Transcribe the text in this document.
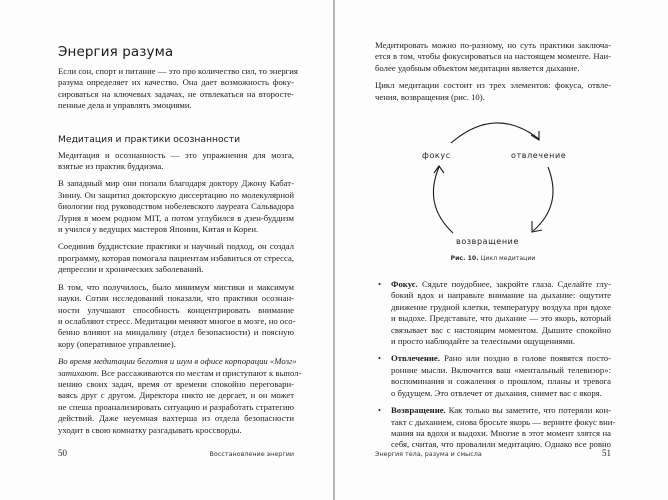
Энергия разума

Если сон, спорт и питание — это про количество сил, то энергия
разума определяет их качество. Она дает возможность фоку-
сироваться на ключевых задачах, не отвлекаться на второсте-
пенные дела и управлять эмоциями.

Медитация и практики осознанности

Медитация и осознанность — это упражнения для мозга,
взятые из практик буддизма.

В западный мир они попали благодаря доктору Джону Кабат-
Зинну. Он защитил докторскую диссертацию по молекулярной
биологии под руководством нобелевского лауреата Сальвадора
Лурия в моем родном МIТ, а потом углубился в дзен-буддизм
и учился у ведущих мастеров Японии, Китая и Кореи.

Соединив буддистские практики и научный подход, он создал
программу, которая помогала пациентам избавиться от стресса,
депрессии и хронических заболеваний.

В том, что получилось, было минимум мистики и максимум
науки. Сотни исследований показали, что практики осознан-
ности улучшают способность концентрировать внимание
и ослабляют стресс. Медитации меняют многое в мозге, но осо-
бенно влияют на миндалину (отдел безопасности) и поясную
кору (оперативное управление).

Во время медитации беготня и шум в офисе корпорации «Мозг»
затихают. Все рассаживаются по местам и приступают к выпол-
нению своих задач, время от времени спокойно переговари-
ваясь друг с другом. Директора никто не дергает, и он может
не спеша проанализировать ситуацию и разработать стратегию
действий. Даже неуемная вахтерша из отдела безопасности
уходит в свою комнатку разгадывать кроссворды.

50	Восстановление энергии

Медитировать можно по-разному, но суть практики заключа-
ется в том, чтобы фокусироваться на настоящем моменте. Наи-
более удобным объектом медитации является дыхание.

Цикл медитации состоит из трех элементов: фокуса, отвле-
чения, возвращения (рис. 10).

фокус	отвлечение
возвращение
Рис. 10. Цикл медитации
• Фокус. Сядьте поудобнее, закройте глаза. Сделайте глу-
бокий вдох и направьте внимание на дыхание: ощутите
движение грудной клетки, температуру воздуха при вдохе
и выдохе. Представьте, что дыхание — это якорь, который
связывает вас с настоящим моментом. Дышите спокойно
и просто наблюдайте за телесными ощущениями.

• Отвлечение. Рано или поздно в голове появятся посто-
ронние мысли. Включится ваш «ментальный телевизор»:
воспоминания и сожаления о прошлом, планы и тревога
о будущем. Это отвлечет от дыхания, снимет вас с якоря.

• Возвращение. Как только вы заметите, что потеряли кон-
такт с дыханием, снова бросьте якорь — верните фокус вни-
мания на вдохи и выдохи. Многие в этот момент злятся на
себя, считая, что провалили медитацию. Однако все ровно

Энергия тела, разума и смысла	51
